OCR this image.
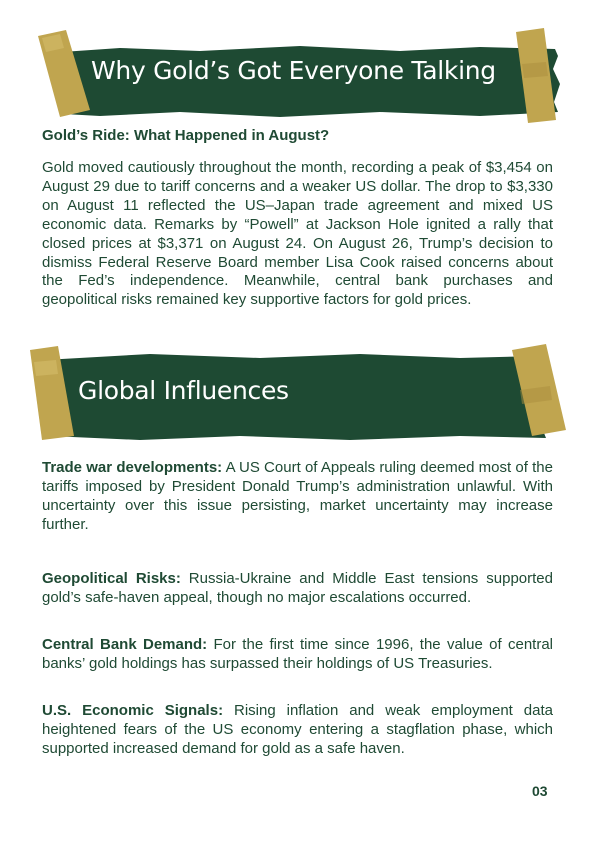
Why Gold’s Got Everyone Talking
Gold’s Ride: What Happened in August?

Gold moved cautiously throughout the month, recording a peak of $3,454 on August 29 due to tariff concerns and a weaker US dollar. The drop to $3,330 on August 11 reflected the US–Japan trade agreement and mixed US economic data. Remarks by “Powell” at Jackson Hole ignited a rally that closed prices at $3,371 on August 24. On August 26, Trump’s decision to dismiss Federal Reserve Board member Lisa Cook raised concerns about the Fed’s independence. Meanwhile, central bank purchases and geopolitical risks remained key supportive factors for gold prices.

Global Influences

Trade war developments: A US Court of Appeals ruling deemed most of the tariffs imposed by President Donald Trump’s administration unlawful. With uncertainty over this issue persisting, market uncertainty may increase further.

Geopolitical Risks: Russia-Ukraine and Middle East tensions supported gold’s safe-haven appeal, though no major escalations occurred.

Central Bank Demand: For the first time since 1996, the value of central banks’ gold holdings has surpassed their holdings of US Treasuries.

U.S. Economic Signals: Rising inflation and weak employment data heightened fears of the US economy entering a stagflation phase, which supported increased demand for gold as a safe haven.

03
